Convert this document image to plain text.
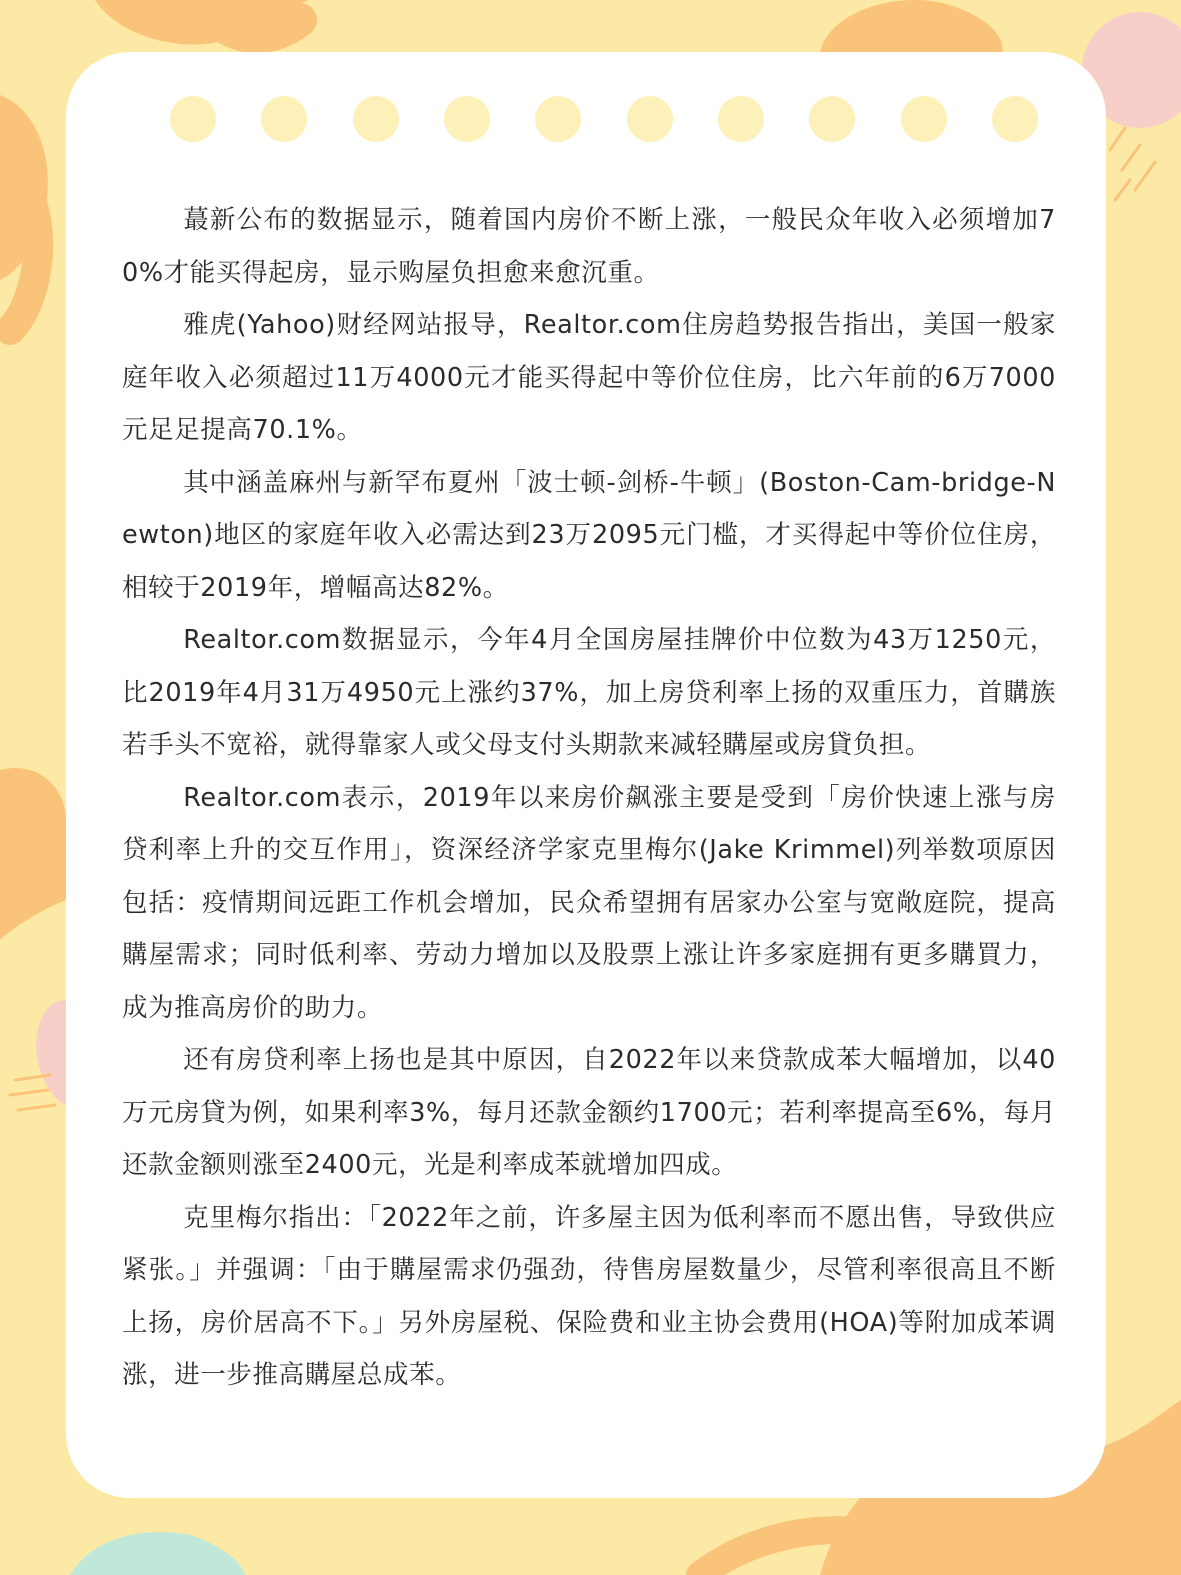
蕞新公布的数据显示，随着国内房价不断上涨，一般民众年收入必须增加70%才能买得起房，显示购屋负担愈来愈沉重。

雅虎(Yahoo)财经网站报导，Realtor.com住房趋势报告指出，美国一般家庭年收入必须超过11万4000元才能买得起中等价位住房，比六年前的6万7000元足足提高70.1%。

其中涵盖麻州与新罕布夏州「波士顿-剑桥-牛顿」(Boston-Cam-bridge-Newton)地区的家庭年收入必需达到23万2095元门槛，才买得起中等价位住房，相较于2019年，增幅高达82%。

Realtor.com数据显示，今年4月全国房屋挂牌价中位数为43万1250元，比2019年4月31万4950元上涨约37%，加上房贷利率上扬的双重压力，首購族若手头不宽裕，就得靠家人或父母支付头期款来减轻購屋或房貸负担。

Realtor.com表示，2019年以来房价飙涨主要是受到「房价快速上涨与房贷利率上升的交互作用」，资深经济学家克里梅尔(Jake Krimmel)列举数项原因包括：疫情期间远距工作机会增加，民众希望拥有居家办公室与宽敞庭院，提高購屋需求；同时低利率、劳动力增加以及股票上涨让许多家庭拥有更多購買力，成为推高房价的助力。

还有房贷利率上扬也是其中原因，自2022年以来贷款成苯大幅增加，以40万元房貸为例，如果利率3%，每月还款金额约1700元；若利率提高至6%，每月还款金额则涨至2400元，光是利率成苯就增加四成。

克里梅尔指出：「2022年之前，许多屋主因为低利率而不愿出售，导致供应紧张。」并强调：「由于購屋需求仍强劲，待售房屋数量少，尽管利率很高且不断上扬，房价居高不下。」另外房屋税、保险费和业主协会费用(HOA)等附加成苯调涨，进一步推高購屋总成苯。
